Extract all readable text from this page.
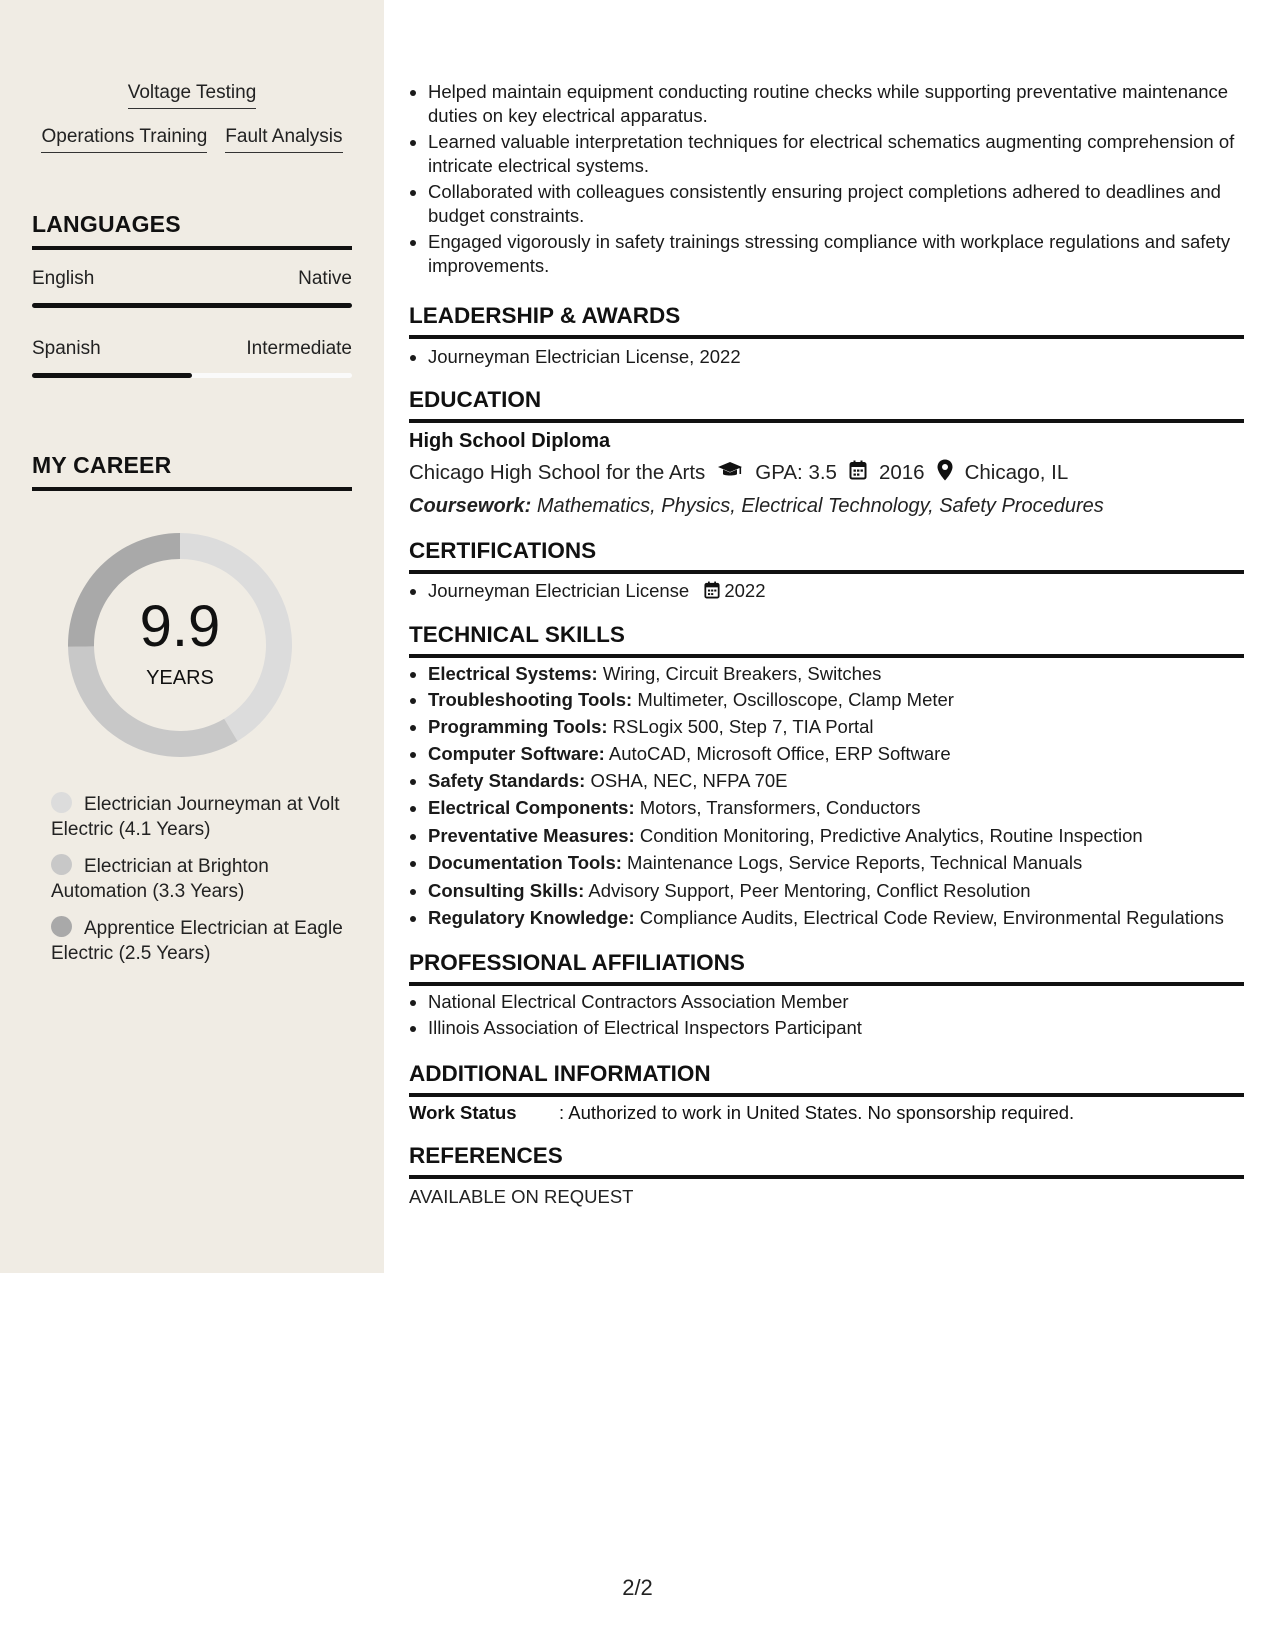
Voltage Testing
Operations Training Fault Analysis
LANGUAGES
English	Native
Spanish	Intermediate
MY CAREER
9.9
YEARS
Electrician Journeyman at Volt Electric (4.1 Years)
Electrician at Brighton Automation (3.3 Years)
Apprentice Electrician at Eagle Electric (2.5 Years)
• Helped maintain equipment conducting routine checks while supporting preventative maintenance duties on key electrical apparatus.
• Learned valuable interpretation techniques for electrical schematics augmenting comprehension of intricate electrical systems.
• Collaborated with colleagues consistently ensuring project completions adhered to deadlines and budget constraints.
• Engaged vigorously in safety trainings stressing compliance with workplace regulations and safety improvements.
LEADERSHIP & AWARDS
• Journeyman Electrician License, 2022
EDUCATION
High School Diploma
Chicago High School for the Arts GPA: 3.5 2016 Chicago, IL
Coursework: Mathematics, Physics, Electrical Technology, Safety Procedures
CERTIFICATIONS
• Journeyman Electrician License 2022
TECHNICAL SKILLS
• Electrical Systems: Wiring, Circuit Breakers, Switches
• Troubleshooting Tools: Multimeter, Oscilloscope, Clamp Meter
• Programming Tools: RSLogix 500, Step 7, TIA Portal
• Computer Software: AutoCAD, Microsoft Office, ERP Software
• Safety Standards: OSHA, NEC, NFPA 70E
• Electrical Components: Motors, Transformers, Conductors
• Preventative Measures: Condition Monitoring, Predictive Analytics, Routine Inspection
• Documentation Tools: Maintenance Logs, Service Reports, Technical Manuals
• Consulting Skills: Advisory Support, Peer Mentoring, Conflict Resolution
• Regulatory Knowledge: Compliance Audits, Electrical Code Review, Environmental Regulations
PROFESSIONAL AFFILIATIONS
• National Electrical Contractors Association Member
• Illinois Association of Electrical Inspectors Participant
ADDITIONAL INFORMATION
Work Status	: Authorized to work in United States. No sponsorship required.
REFERENCES
AVAILABLE ON REQUEST
2/2
